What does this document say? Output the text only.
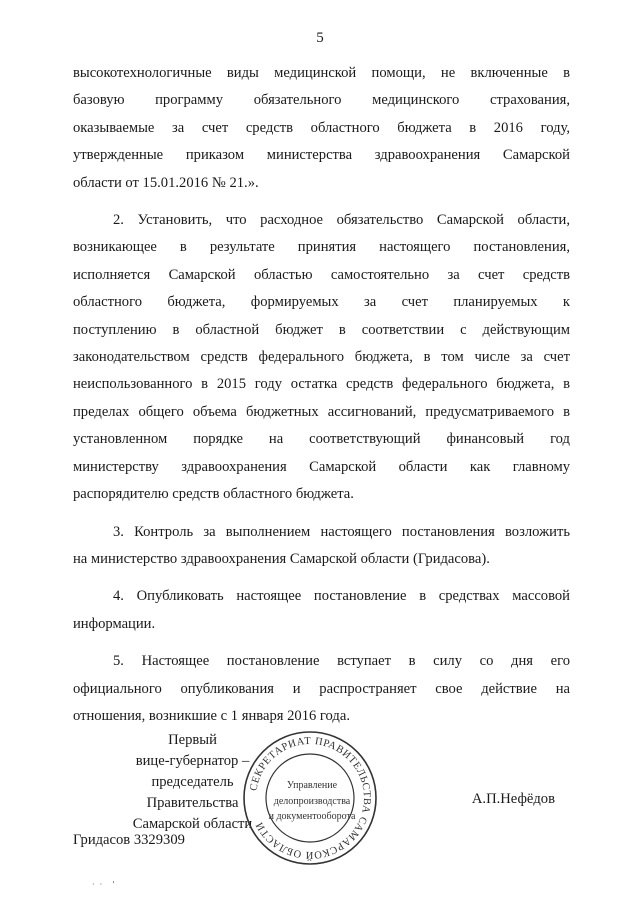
5

высокотехнологичные виды медицинской помощи, не включенные в
базовую программу обязательного медицинского страхования,
оказываемые за счет средств областного бюджета в 2016 году,
утвержденные приказом министерства здравоохранения Самарской
области от 15.01.2016 № 21.».

2. Установить, что расходное обязательство Самарской области,
возникающее в результате принятия настоящего постановления,
исполняется Самарской областью самостоятельно за счет средств
областного бюджета, формируемых за счет планируемых к
поступлению в областной бюджет в соответствии с действующим
законодательством средств федерального бюджета, в том числе за счет
неиспользованного в 2015 году остатка средств федерального бюджета, в
пределах общего объема бюджетных ассигнований, предусматриваемого в
установленном порядке на соответствующий финансовый год
министерству здравоохранения Самарской области как главному
распорядителю средств областного бюджета.

3. Контроль за выполнением настоящего постановления возложить
на министерство здравоохранения Самарской области (Гридасова).

4. Опубликовать настоящее постановление в средствах массовой
информации.

5. Настоящее постановление вступает в силу со дня его
официального опубликования и распространяет свое действие на
отношения, возникшие с 1 января 2016 года.

Первый
вице-губернатор –
председатель Правительства
Самарской области
А.П.Нефёдов
СЕКРЕТАРИАТ ПРАВИТЕЛЬСТВА САМАРСКОЙ ОБЛАСТИ
Управление
делопроизводства
и документооборота
Гридасов 3329309
·  ·    '
